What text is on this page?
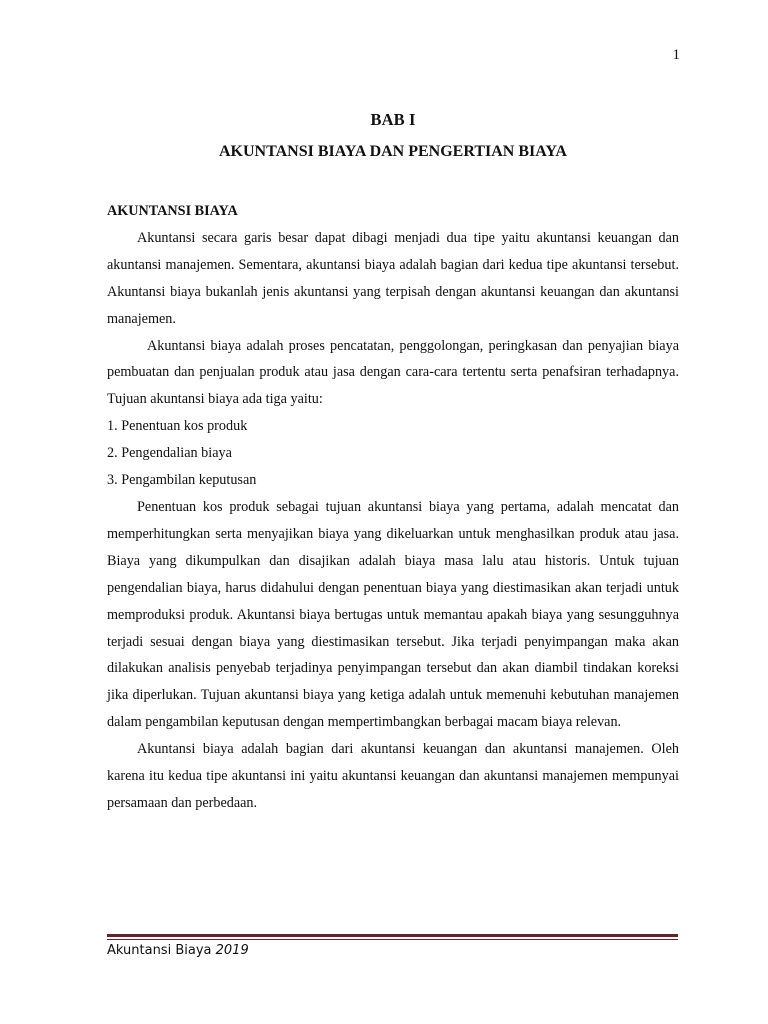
1
BAB I
AKUNTANSI BIAYA DAN PENGERTIAN BIAYA

AKUNTANSI BIAYA

Akuntansi secara garis besar dapat dibagi menjadi dua tipe yaitu akuntansi keuangan dan akuntansi manajemen. Sementara, akuntansi biaya adalah bagian dari kedua tipe akuntansi tersebut. Akuntansi biaya bukanlah jenis akuntansi yang terpisah dengan akuntansi keuangan dan akuntansi manajemen.

Akuntansi biaya adalah proses pencatatan, penggolongan, peringkasan dan penyajian biaya pembuatan dan penjualan produk atau jasa dengan cara-cara tertentu serta penafsiran terhadapnya. Tujuan akuntansi biaya ada tiga yaitu:

1. Penentuan kos produk
2. Pengendalian biaya
3. Pengambilan keputusan

Penentuan kos produk sebagai tujuan akuntansi biaya yang pertama, adalah mencatat dan memperhitungkan serta menyajikan biaya yang dikeluarkan untuk menghasilkan produk atau jasa. Biaya yang dikumpulkan dan disajikan adalah biaya masa lalu atau historis. Untuk tujuan pengendalian biaya, harus didahului dengan penentuan biaya yang diestimasikan akan terjadi untuk memproduksi produk. Akuntansi biaya bertugas untuk memantau apakah biaya yang sesungguhnya terjadi sesuai dengan biaya yang diestimasikan tersebut. Jika terjadi penyimpangan maka akan dilakukan analisis penyebab terjadinya penyimpangan tersebut dan akan diambil tindakan koreksi jika diperlukan. Tujuan akuntansi biaya yang ketiga adalah untuk memenuhi kebutuhan manajemen dalam pengambilan keputusan dengan mempertimbangkan berbagai macam biaya relevan.

Akuntansi biaya adalah bagian dari akuntansi keuangan dan akuntansi manajemen. Oleh karena itu kedua tipe akuntansi ini yaitu akuntansi keuangan dan akuntansi manajemen mempunyai persamaan dan perbedaan.

Akuntansi Biaya 2019
